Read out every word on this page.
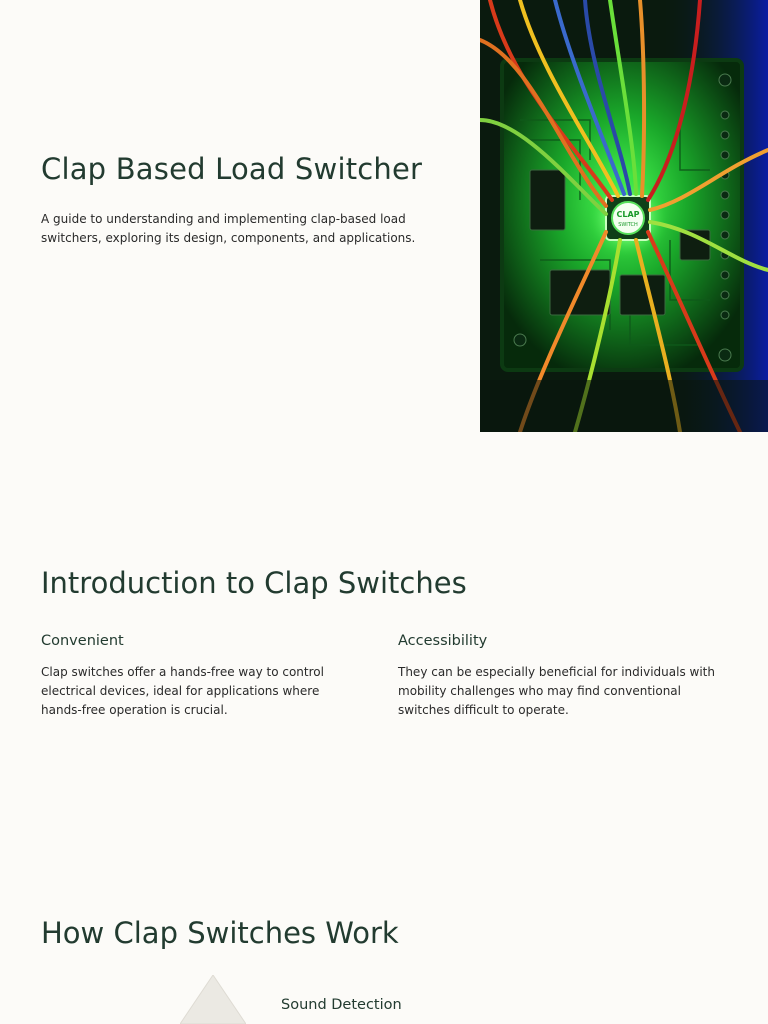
Clap Based Load Switcher

A guide to understanding and implementing clap-based load switchers, exploring its design, components, and applications.

CLAP
SWITCH
Introduction to Clap Switches
Convenient

Clap switches offer a hands-free way to control electrical devices, ideal for applications where hands-free operation is crucial.

Accessibility

They can be especially beneficial for individuals with mobility challenges who may find conventional switches difficult to operate.

How Clap Switches Work
Sound Detection
